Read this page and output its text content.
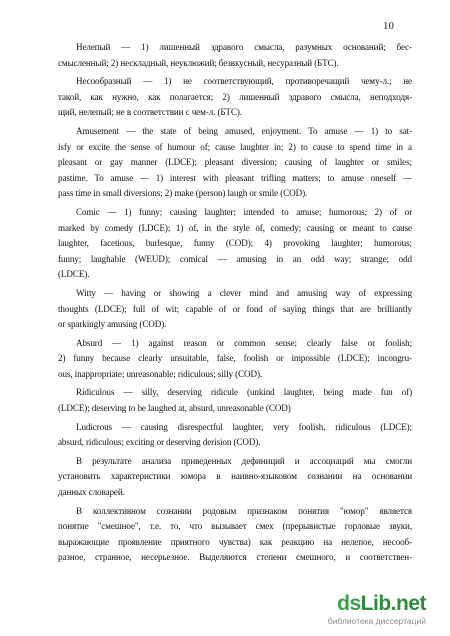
10
Нелепый — 1) лишенный здравого смысла, разумных оснований; бес-
смысленный; 2) нескладный, неуклюжий; безвкусный, несуразный (БТС).
Несообразный — 1) не соответствующий, противоречащий чему-л.; не
такой, как нужно, как полагается; 2) лишенный здравого смысла, неподходя-
щий, нелепый; не в соответствии с чем-л. (БТС).
Amusement — the state of being amused, enjoyment. To amuse — 1) to sat-
isfy or excite the sense of humour of; cause laughter in; 2) to cause to spend time in a
pleasant or gay manner (LDCE); pleasant diversion; causing of laughter or smiles;
pastime. To amuse — 1) interest with pleasant trifling matters; to amuse oneself —
pass time in small diversions; 2) make (person) laugh or smile (COD).
Comic — 1) funny; causing laughter; intended to amuse; humorous; 2) of or
marked by comedy (LDCE); 1) of, in the style of, comedy; causing or meant to cause
laughter, facetious, burlesque, funny (COD); 4) provoking laughter; humorous;
funny; laughable (WEUD); comical — amusing in an odd way; strange; odd
(LDCE).
Witty — having or showing a clever mind and amusing way of expressing
thoughts (LDCE); full of wit; capable of or fond of saying things that are brilliantly
or sparkingly amusing (COD).
Absurd — 1) against reason or common sense; clearly false or foolish;
2) funny because clearly unsuitable, false, foolish or impossible (LDCE); incongru-
ous, inappropriate; unreasonable; ridiculous; silly (COD).
Ridiculous — silly, deserving ridicule (unkind laughter, being made fun of)
(LDCE); deserving to be laughed at, absurd, unreasonable (COD)
Ludicrous — causing disrespectful laughter, very foolish, ridiculous (LDCE);
absurd, ridiculous; exciting or deserving derision (COD).
В результате анализа приведенных дефиниций и ассоциаций мы смогли
установить характеристики юмора в наивно-языковом сознании на основании
данных словарей.
В коллективном сознании родовым признаком понятия "юмор" является
понятие "смешное", т.е. то, что вызывает смех (прерывистые горловые звуки,
выражающие проявление приятного чувства) как реакцию на нелепое, несооб-
разное, странное, несерьезное. Выделяются степени смешного, и соответствен-
dsLib.net
библиотека диссертаций
